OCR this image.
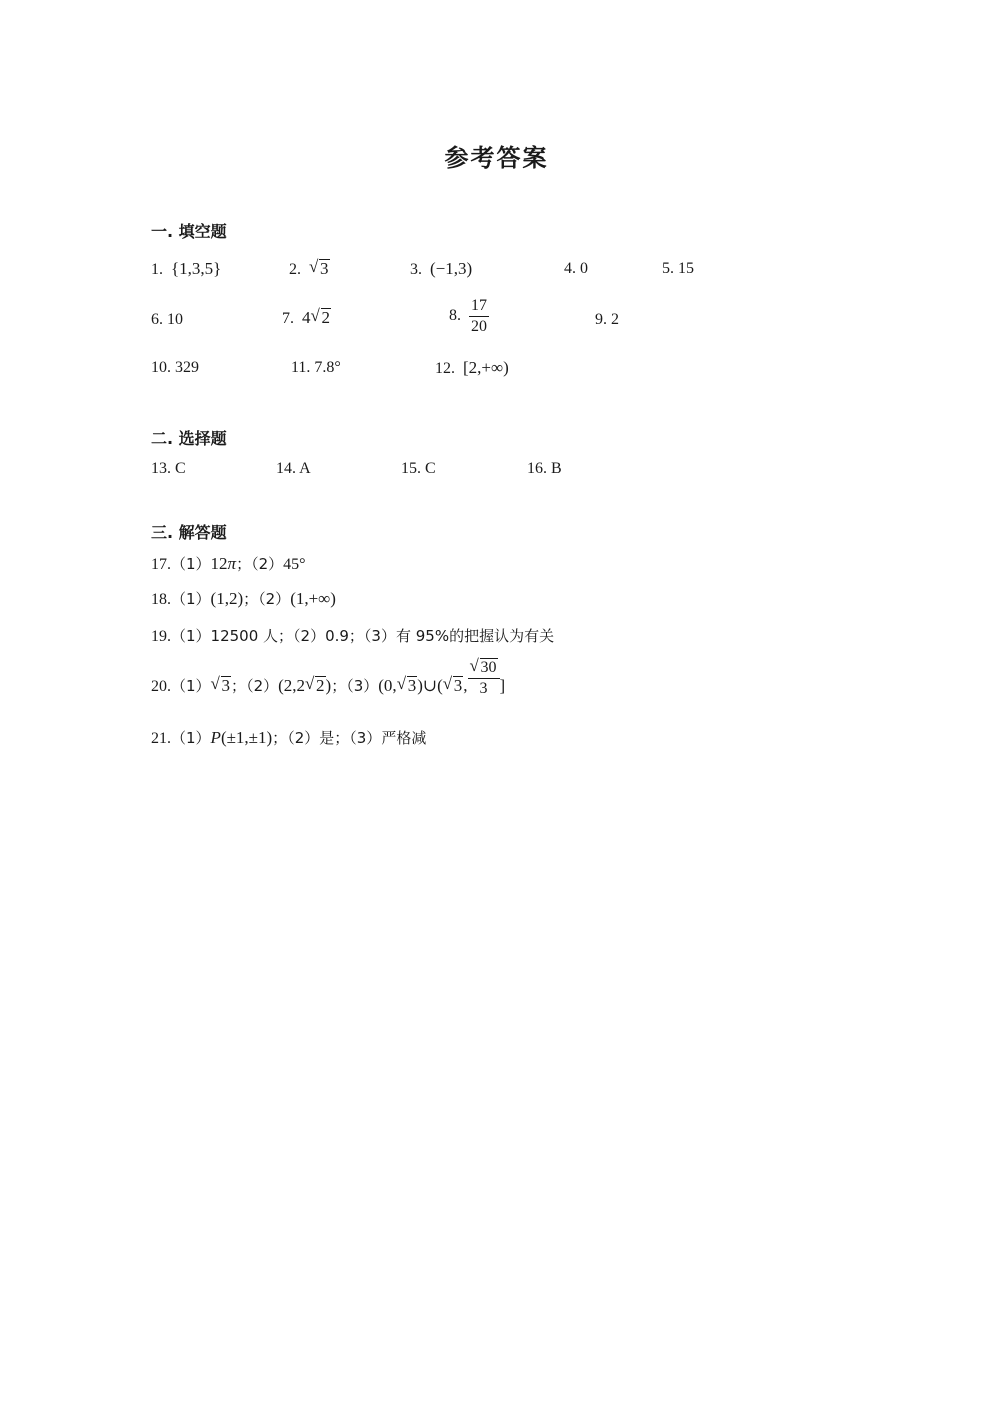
参考答案
一. 填空题
1. {1,3,5}	2. √ 3	3. (−1,3)	4. 0	5. 15
6. 10	7. 4 √ 2	8. $\frac{17}{20}$	9. 2
10. 329	11. 7.8°	12. [2,+∞)
二. 选择题
13. C	14. A	15. C	16. B
三. 解答题
17.（1）12π；（2）45°
18.（1）(1,2)；（2）(1,+∞)
19.（1）12500 人；（2）0.9；（3）有 95%的把握认为有关
20.（1） √ 3；（2）(2,2 √ 2)；（3）(0, √ 3)∪( √ 3, $\frac{√ 30}{3}$ ]
21.（1）P(±1,±1)；（2）是；（3）严格减
